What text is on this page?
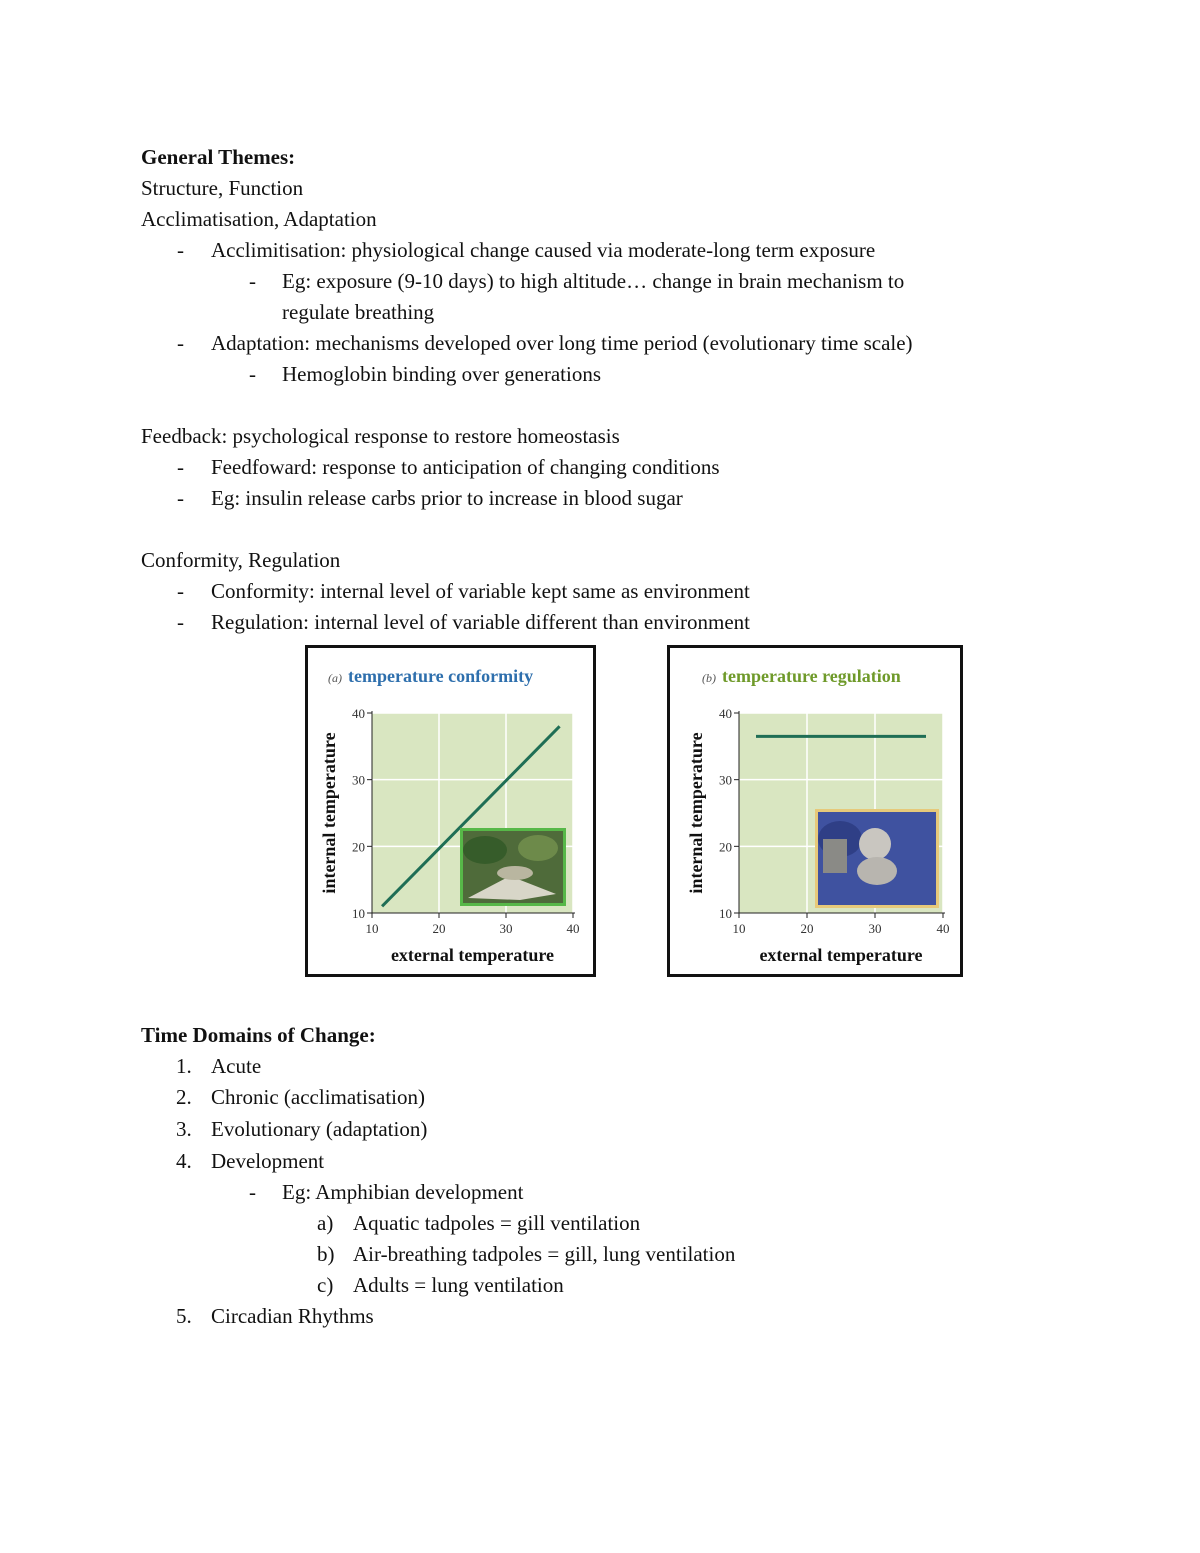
General Themes:
Structure, Function
Acclimatisation, Adaptation
- Acclimitisation: physiological change caused via moderate-long term exposure
- Eg: exposure (9-10 days) to high altitude… change in brain mechanism to
regulate breathing
- Adaptation: mechanisms developed over long time period (evolutionary time scale)
- Hemoglobin binding over generations
Feedback: psychological response to restore homeostasis
- Feedfoward: response to anticipation of changing conditions
- Eg: insulin release carbs prior to increase in blood sugar
Conformity, Regulation
- Conformity: internal level of variable kept same as environment
- Regulation: internal level of variable different than environment
(a) temperature conformity
10
20
30
40
10	20	30	40
external temperature
internal temperature
(b) temperature regulation
10
20
30
40
10	20	30	40
external temperature
internal temperature
Time Domains of Change:
1. Acute
2. Chronic (acclimatisation)
3. Evolutionary (adaptation)
4. Development
- Eg: Amphibian development
a) Aquatic tadpoles = gill ventilation
b) Air-breathing tadpoles = gill, lung ventilation
c) Adults = lung ventilation
5. Circadian Rhythms
